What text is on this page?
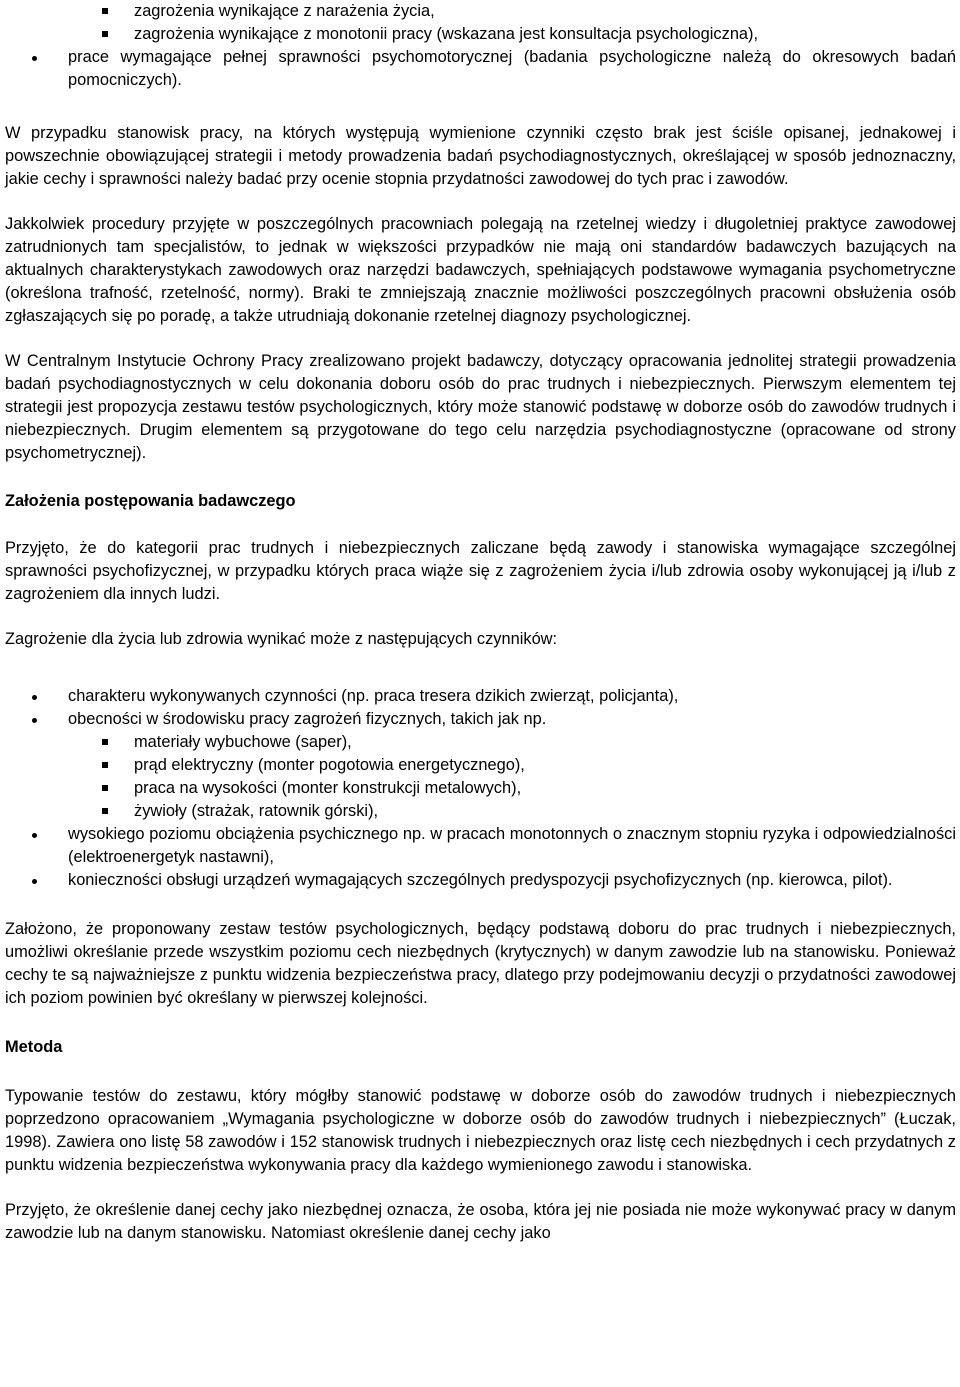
zagrożenia wynikające z narażenia życia,
zagrożenia wynikające z monotonii pracy (wskazana jest konsultacja psychologiczna),
prace wymagające pełnej sprawności psychomotorycznej (badania psychologiczne należą do okresowych badań pomocniczych).

W przypadku stanowisk pracy, na których występują wymienione czynniki często brak jest ściśle opisanej, jednakowej i powszechnie obowiązującej strategii i metody prowadzenia badań psychodiagnostycznych, określającej w sposób jednoznaczny, jakie cechy i sprawności należy badać przy ocenie stopnia przydatności zawodowej do tych prac i zawodów.

Jakkolwiek procedury przyjęte w poszczególnych pracowniach polegają na rzetelnej wiedzy i długoletniej praktyce zawodowej zatrudnionych tam specjalistów, to jednak w większości przypadków nie mają oni standardów badawczych bazujących na aktualnych charakterystykach zawodowych oraz narzędzi badawczych, spełniających podstawowe wymagania psychometryczne (określona trafność, rzetelność, normy). Braki te zmniejszają znacznie możliwości poszczególnych pracowni obsłużenia osób zgłaszających się po poradę, a także utrudniają dokonanie rzetelnej diagnozy psychologicznej.

W Centralnym Instytucie Ochrony Pracy zrealizowano projekt badawczy, dotyczący opracowania jednolitej strategii prowadzenia badań psychodiagnostycznych w celu dokonania doboru osób do prac trudnych i niebezpiecznych. Pierwszym elementem tej strategii jest propozycja zestawu testów psychologicznych, który może stanowić podstawę w doborze osób do zawodów trudnych i niebezpiecznych. Drugim elementem są przygotowane do tego celu narzędzia psychodiagnostyczne (opracowane od strony psychometrycznej).

Założenia postępowania badawczego

Przyjęto, że do kategorii prac trudnych i niebezpiecznych zaliczane będą zawody i stanowiska wymagające szczególnej sprawności psychofizycznej, w przypadku których praca wiąże się z zagrożeniem życia i/lub zdrowia osoby wykonującej ją i/lub z zagrożeniem dla innych ludzi.

Zagrożenie dla życia lub zdrowia wynikać może z następujących czynników:

charakteru wykonywanych czynności (np. praca tresera dzikich zwierząt, policjanta),
obecności w środowisku pracy zagrożeń fizycznych, takich jak np.
materiały wybuchowe (saper),
prąd elektryczny (monter pogotowia energetycznego),
praca na wysokości (monter konstrukcji metalowych),
żywioły (strażak, ratownik górski),
wysokiego poziomu obciążenia psychicznego np. w pracach monotonnych o znacznym stopniu ryzyka i odpowiedzialności (elektroenergetyk nastawni),
konieczności obsługi urządzeń wymagających szczególnych predyspozycji psychofizycznych (np. kierowca, pilot).

Założono, że proponowany zestaw testów psychologicznych, będący podstawą doboru do prac trudnych i niebezpiecznych, umożliwi określanie przede wszystkim poziomu cech niezbędnych (krytycznych) w danym zawodzie lub na stanowisku. Ponieważ cechy te są najważniejsze z punktu widzenia bezpieczeństwa pracy, dlatego przy podejmowaniu decyzji o przydatności zawodowej ich poziom powinien być określany w pierwszej kolejności.

Metoda

Typowanie testów do zestawu, który mógłby stanowić podstawę w doborze osób do zawodów trudnych i niebezpiecznych poprzedzono opracowaniem „Wymagania psychologiczne w doborze osób do zawodów trudnych i niebezpiecznych” (Łuczak, 1998). Zawiera ono listę 58 zawodów i 152 stanowisk trudnych i niebezpiecznych oraz listę cech niezbędnych i cech przydatnych z punktu widzenia bezpieczeństwa wykonywania pracy dla każdego wymienionego zawodu i stanowiska.

Przyjęto, że określenie danej cechy jako niezbędnej oznacza, że osoba, która jej nie posiada nie może wykonywać pracy w danym zawodzie lub na danym stanowisku. Natomiast określenie danej cechy jako
